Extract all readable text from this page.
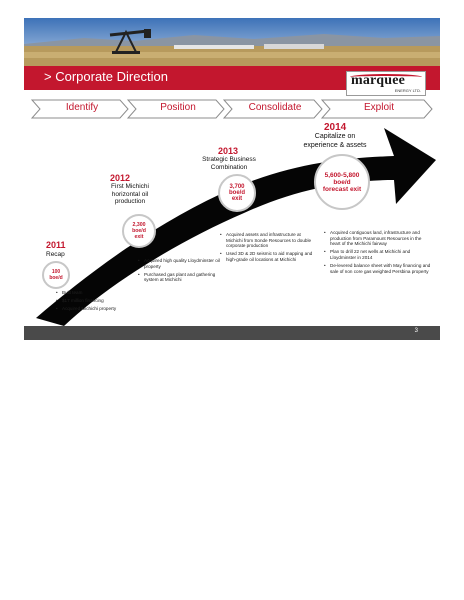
> Corporate Direction	marquee
ENERGY LTD.
Identify	Position	Consolidate	Exploit
2011
Recap
100
boe/d
• Built team
• $17 million financing
• Acquired Michichi property
2012
First Michichi
horizontal oil
production
2,300
boe/d
exit
• Acquired high quality Lloydminster oil property
• Purchased gas plant and gathering system at Michichi
2013
Strategic Business
Combination
3,700
boe/d
exit
• Acquired assets and infrastructure at Michichi from Sonde Resources to double corporate production
• Used 3D & 2D seismic to aid mapping and high-grade oil locations at Michichi
2014
Capitalize on
experience & assets
5,600-5,800
boe/d
forecast exit
• Acquired contiguous land, infrastructure and production from Paramount Resources in the heart of the Michichi fairway
• Plan to drill 22 net wells at Michichi and Lloydminster in 2014
• De-levered balance sheet with May financing and sale of non core gas weighted Persbina property
3
